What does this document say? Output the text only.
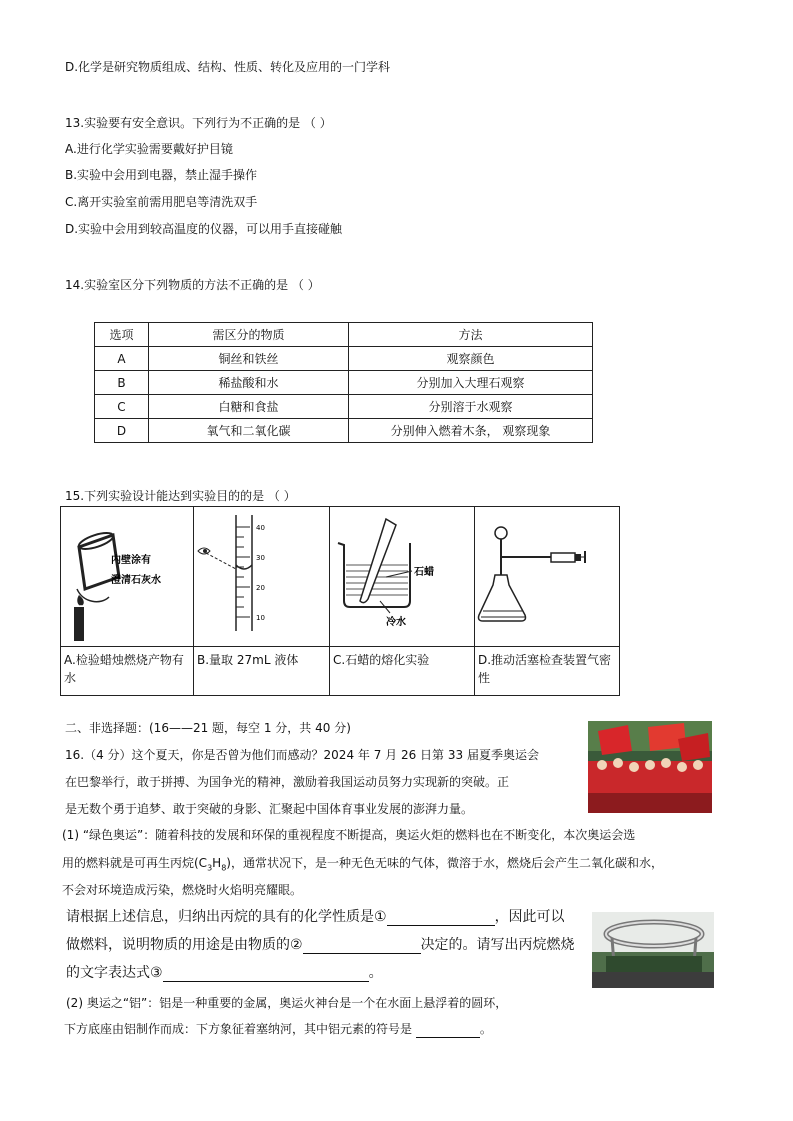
D.化学是研究物质组成、结构、性质、转化及应用的一门学科
13.实验要有安全意识。下列行为不正确的是 （ ）
A.进行化学实验需要戴好护目镜
B.实验中会用到电器，禁止湿手操作
C.离开实验室前需用肥皂等清洗双手
D.实验中会用到较高温度的仪器，可以用手直接碰触
14.实验室区分下列物质的方法不正确的是 （ ）
选项	需区分的物质	方法
A	铜丝和铁丝	观察颜色
B	稀盐酸和水	分别加入大理石观察
C	白糖和食盐	分别溶于水观察
D	氧气和二氧化碳	分别伸入燃着木条， 观察现象
15.下列实验设计能达到实验目的的是 （ ）
内壁涂有
澄清石灰水	40
30
20
10	石蜡
冷水

A.检验蜡烛燃烧产物有水	B.量取 27mL 液体	C.石蜡的熔化实验	D.推动活塞检查装置气密性
二、非选择题：(16——21 题，每空 1 分，共 40 分)
16.（4 分）这个夏天，你是否曾为他们而感动？2024 年 7 月 26 日第 33 届夏季奥运会
在巴黎举行，敢于拼搏、为国争光的精神，激励着我国运动员努力实现新的突破。正
是无数个勇于追梦、敢于突破的身影、汇聚起中国体育事业发展的澎湃力量。
(1) “绿色奥运”：随着科技的发展和环保的重视程度不断提高，奥运火炬的燃料也在不断变化，本次奥运会选
用的燃料就是可再生丙烷$(C_3H_8)$，通常状况下，是一种无色无味的气体，微溶于水，燃烧后会产生二氧化碳和水，
不会对环境造成污染，燃烧时火焰明亮耀眼。
请根据上述信息，归纳出丙烷的具有的化学性质是①	，因此可以
做燃料，说明物质的用途是由物质的②	决定的。请写出丙烷燃烧
的文字表达式③	。
(2) 奥运之“铝”：铝是一种重要的金属，奥运火神台是一个在水面上悬浮着的圆环，
下方底座由铝制作而成：下方象征着塞纳河，其中铝元素的符号是	。
